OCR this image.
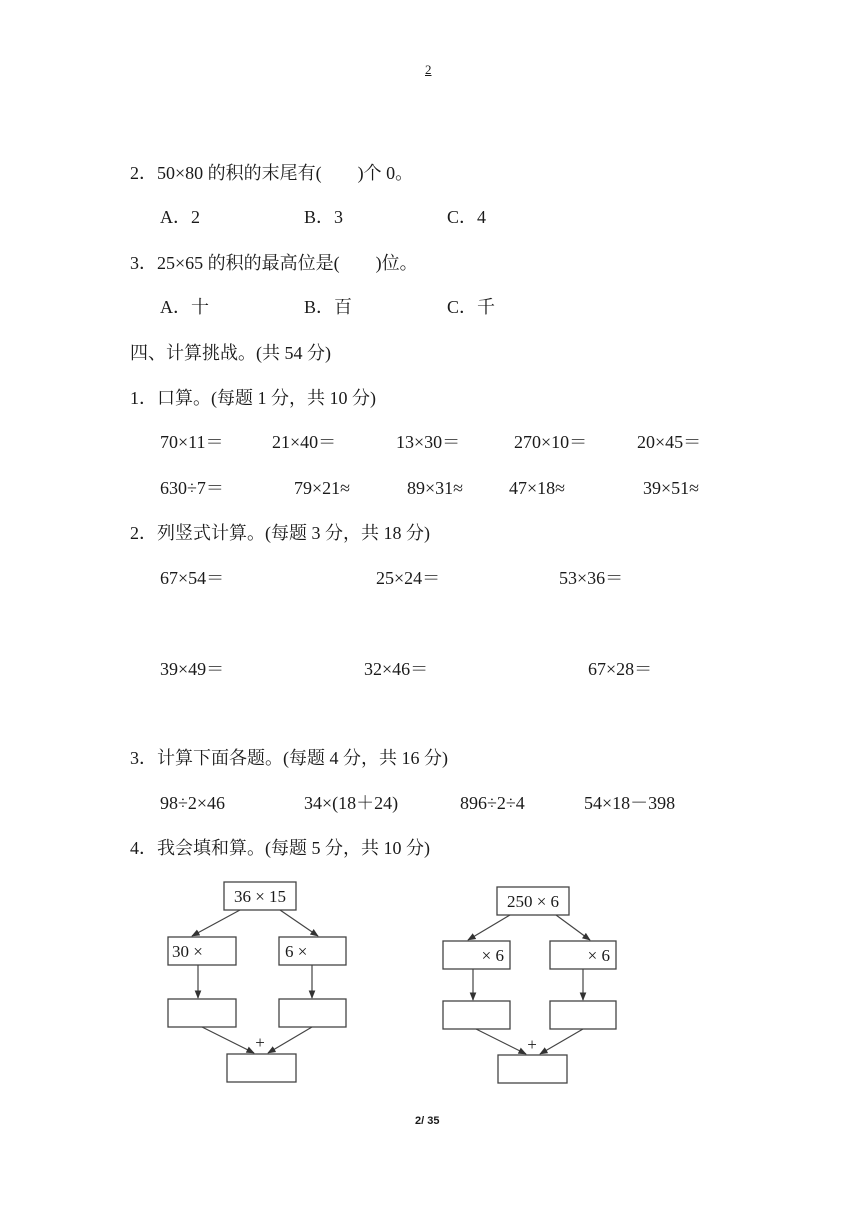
2
2．50×80 的积的末尾有(　　)个 0。
A．2	B．3	C．4
3．25×65 的积的最高位是(　　)位。
A．十	B．百	C．千
四、计算挑战。(共 54 分)
1．口算。(每题 1 分，共 10 分)
70×11＝	21×40＝	13×30＝	270×10＝	20×45＝
630÷7＝	79×21≈	89×31≈	47×18≈	39×51≈
2．列竖式计算。(每题 3 分，共 18 分)
67×54＝	25×24＝	53×36＝
39×49＝	32×46＝	67×28＝
3．计算下面各题。(每题 4 分，共 16 分)
98÷2×46	34×(18＋24)	896÷2÷4	54×18－398
4．我会填和算。(每题 5 分，共 10 分)
36 × 15
30 ×	6 ×
+
250 × 6
× 6	× 6
+
2/ 35
